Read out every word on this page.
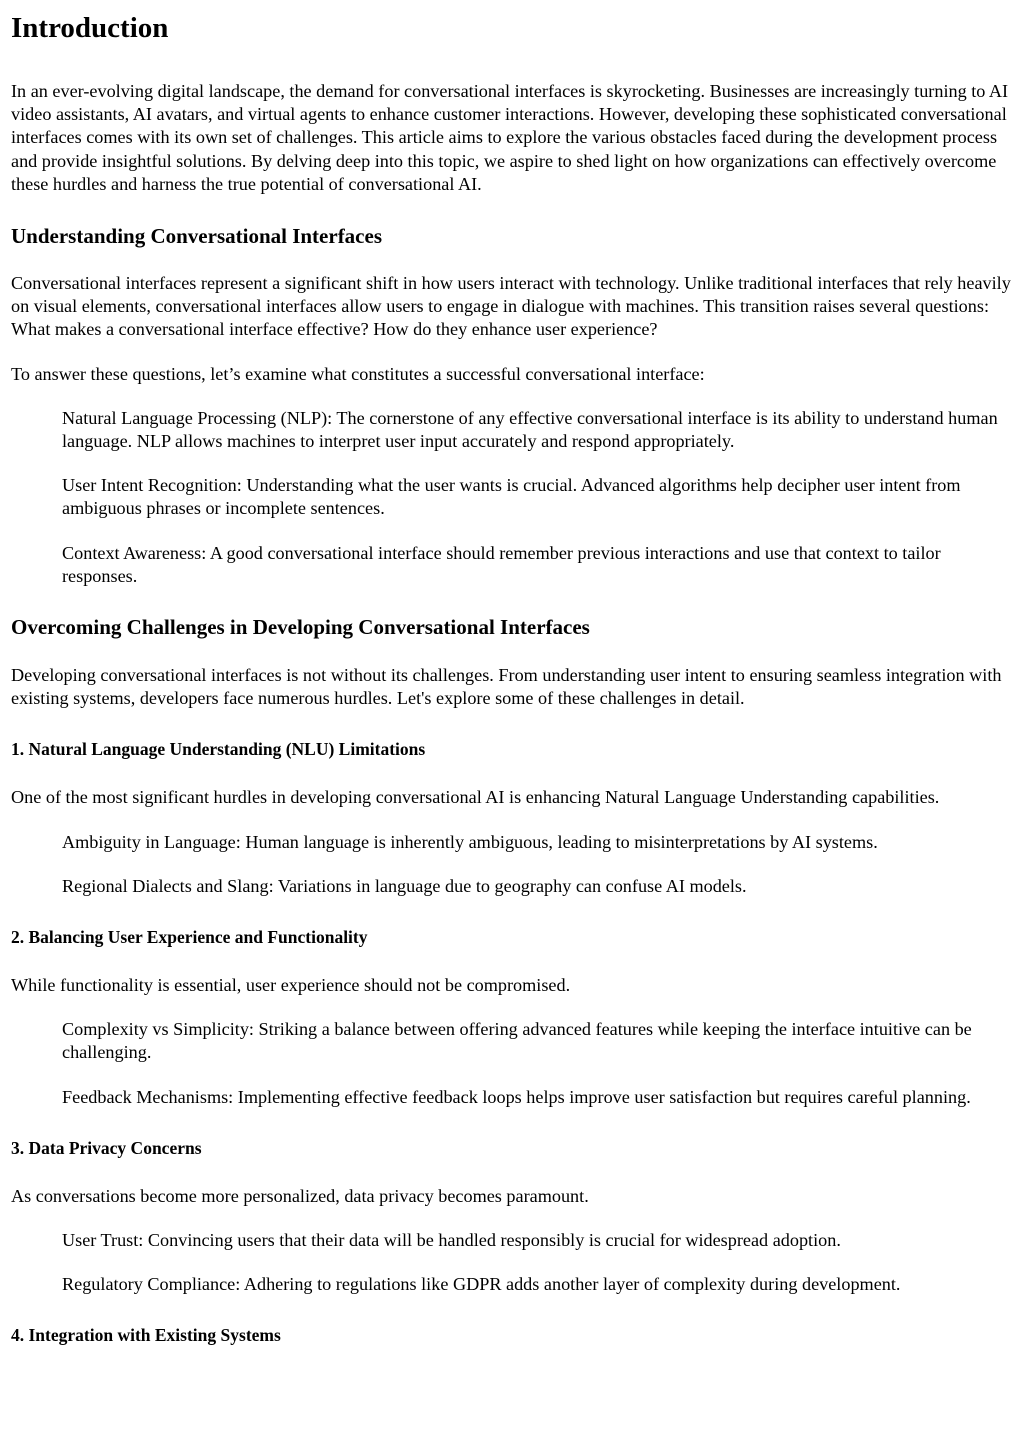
Introduction

In an ever-evolving digital landscape, the demand for conversational interfaces is skyrocketing. Businesses are increasingly turning to AI video assistants, AI avatars, and virtual agents to enhance customer interactions. However, developing these sophisticated conversational interfaces comes with its own set of challenges. This article aims to explore the various obstacles faced during the development process and provide insightful solutions. By delving deep into this topic, we aspire to shed light on how organizations can effectively overcome these hurdles and harness the true potential of conversational AI.

Understanding Conversational Interfaces

Conversational interfaces represent a significant shift in how users interact with technology. Unlike traditional interfaces that rely heavily on visual elements, conversational interfaces allow users to engage in dialogue with machines. This transition raises several questions: What makes a conversational interface effective? How do they enhance user experience?

To answer these questions, let’s examine what constitutes a successful conversational interface:

Natural Language Processing (NLP): The cornerstone of any effective conversational interface is its ability to understand human language. NLP allows machines to interpret user input accurately and respond appropriately.

User Intent Recognition: Understanding what the user wants is crucial. Advanced algorithms help decipher user intent from ambiguous phrases or incomplete sentences.

Context Awareness: A good conversational interface should remember previous interactions and use that context to tailor responses.

Overcoming Challenges in Developing Conversational Interfaces

Developing conversational interfaces is not without its challenges. From understanding user intent to ensuring seamless integration with existing systems, developers face numerous hurdles. Let's explore some of these challenges in detail.

1. Natural Language Understanding (NLU) Limitations

One of the most significant hurdles in developing conversational AI is enhancing Natural Language Understanding capabilities.

Ambiguity in Language: Human language is inherently ambiguous, leading to misinterpretations by AI systems.

Regional Dialects and Slang: Variations in language due to geography can confuse AI models.

2. Balancing User Experience and Functionality

While functionality is essential, user experience should not be compromised.

Complexity vs Simplicity: Striking a balance between offering advanced features while keeping the interface intuitive can be challenging.

Feedback Mechanisms: Implementing effective feedback loops helps improve user satisfaction but requires careful planning.

3. Data Privacy Concerns

As conversations become more personalized, data privacy becomes paramount.

User Trust: Convincing users that their data will be handled responsibly is crucial for widespread adoption.

Regulatory Compliance: Adhering to regulations like GDPR adds another layer of complexity during development.

4. Integration with Existing Systems
